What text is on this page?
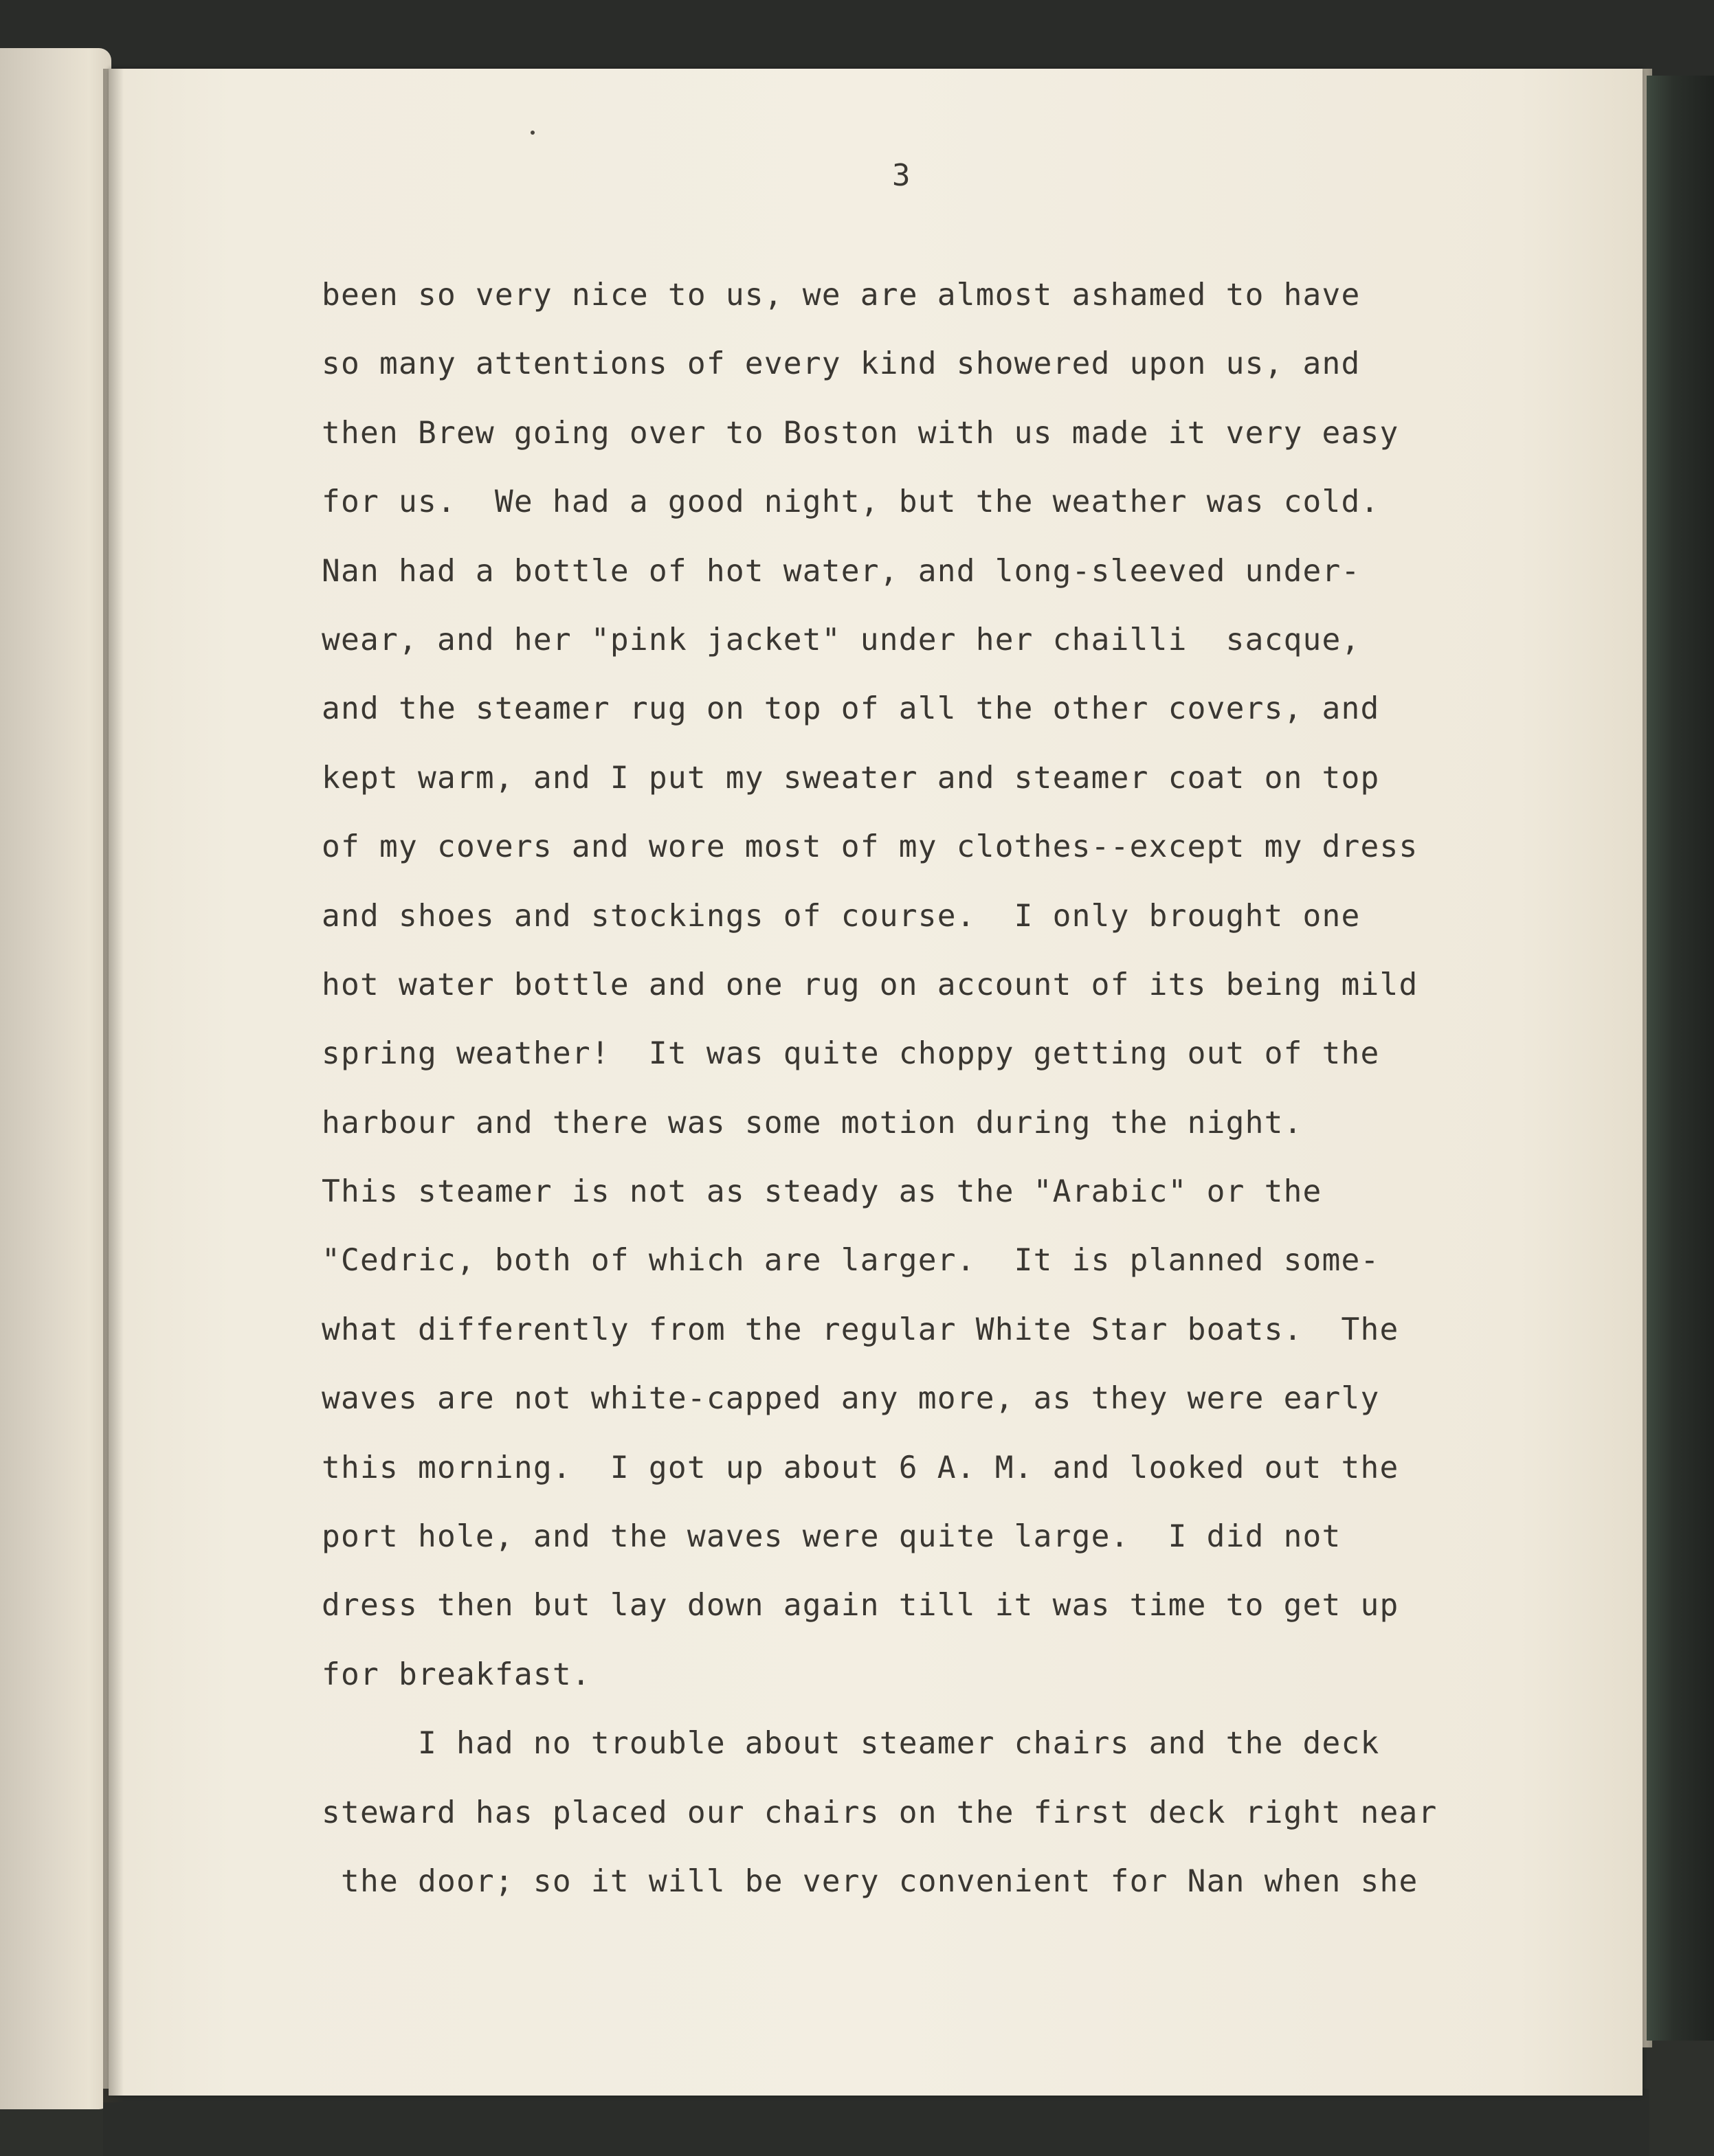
3

been so very nice to us, we are almost ashamed to have
so many attentions of every kind showered upon us, and
then Brew going over to Boston with us made it very easy
for us.  We had a good night, but the weather was cold.
Nan had a bottle of hot water, and long-sleeved under-
wear, and her "pink jacket" under her chailli  sacque,
and the steamer rug on top of all the other covers, and
kept warm, and I put my sweater and steamer coat on top
of my covers and wore most of my clothes--except my dress
and shoes and stockings of course.  I only brought one
hot water bottle and one rug on account of its being mild
spring weather!  It was quite choppy getting out of the
harbour and there was some motion during the night.
This steamer is not as steady as the "Arabic" or the
"Cedric, both of which are larger.  It is planned some-
what differently from the regular White Star boats.  The
waves are not white-capped any more, as they were early
this morning.  I got up about 6 A. M. and looked out the
port hole, and the waves were quite large.  I did not
dress then but lay down again till it was time to get up
for breakfast.
I had no trouble about steamer chairs and the deck
steward has placed our chairs on the first deck right near
the door; so it will be very convenient for Nan when she
